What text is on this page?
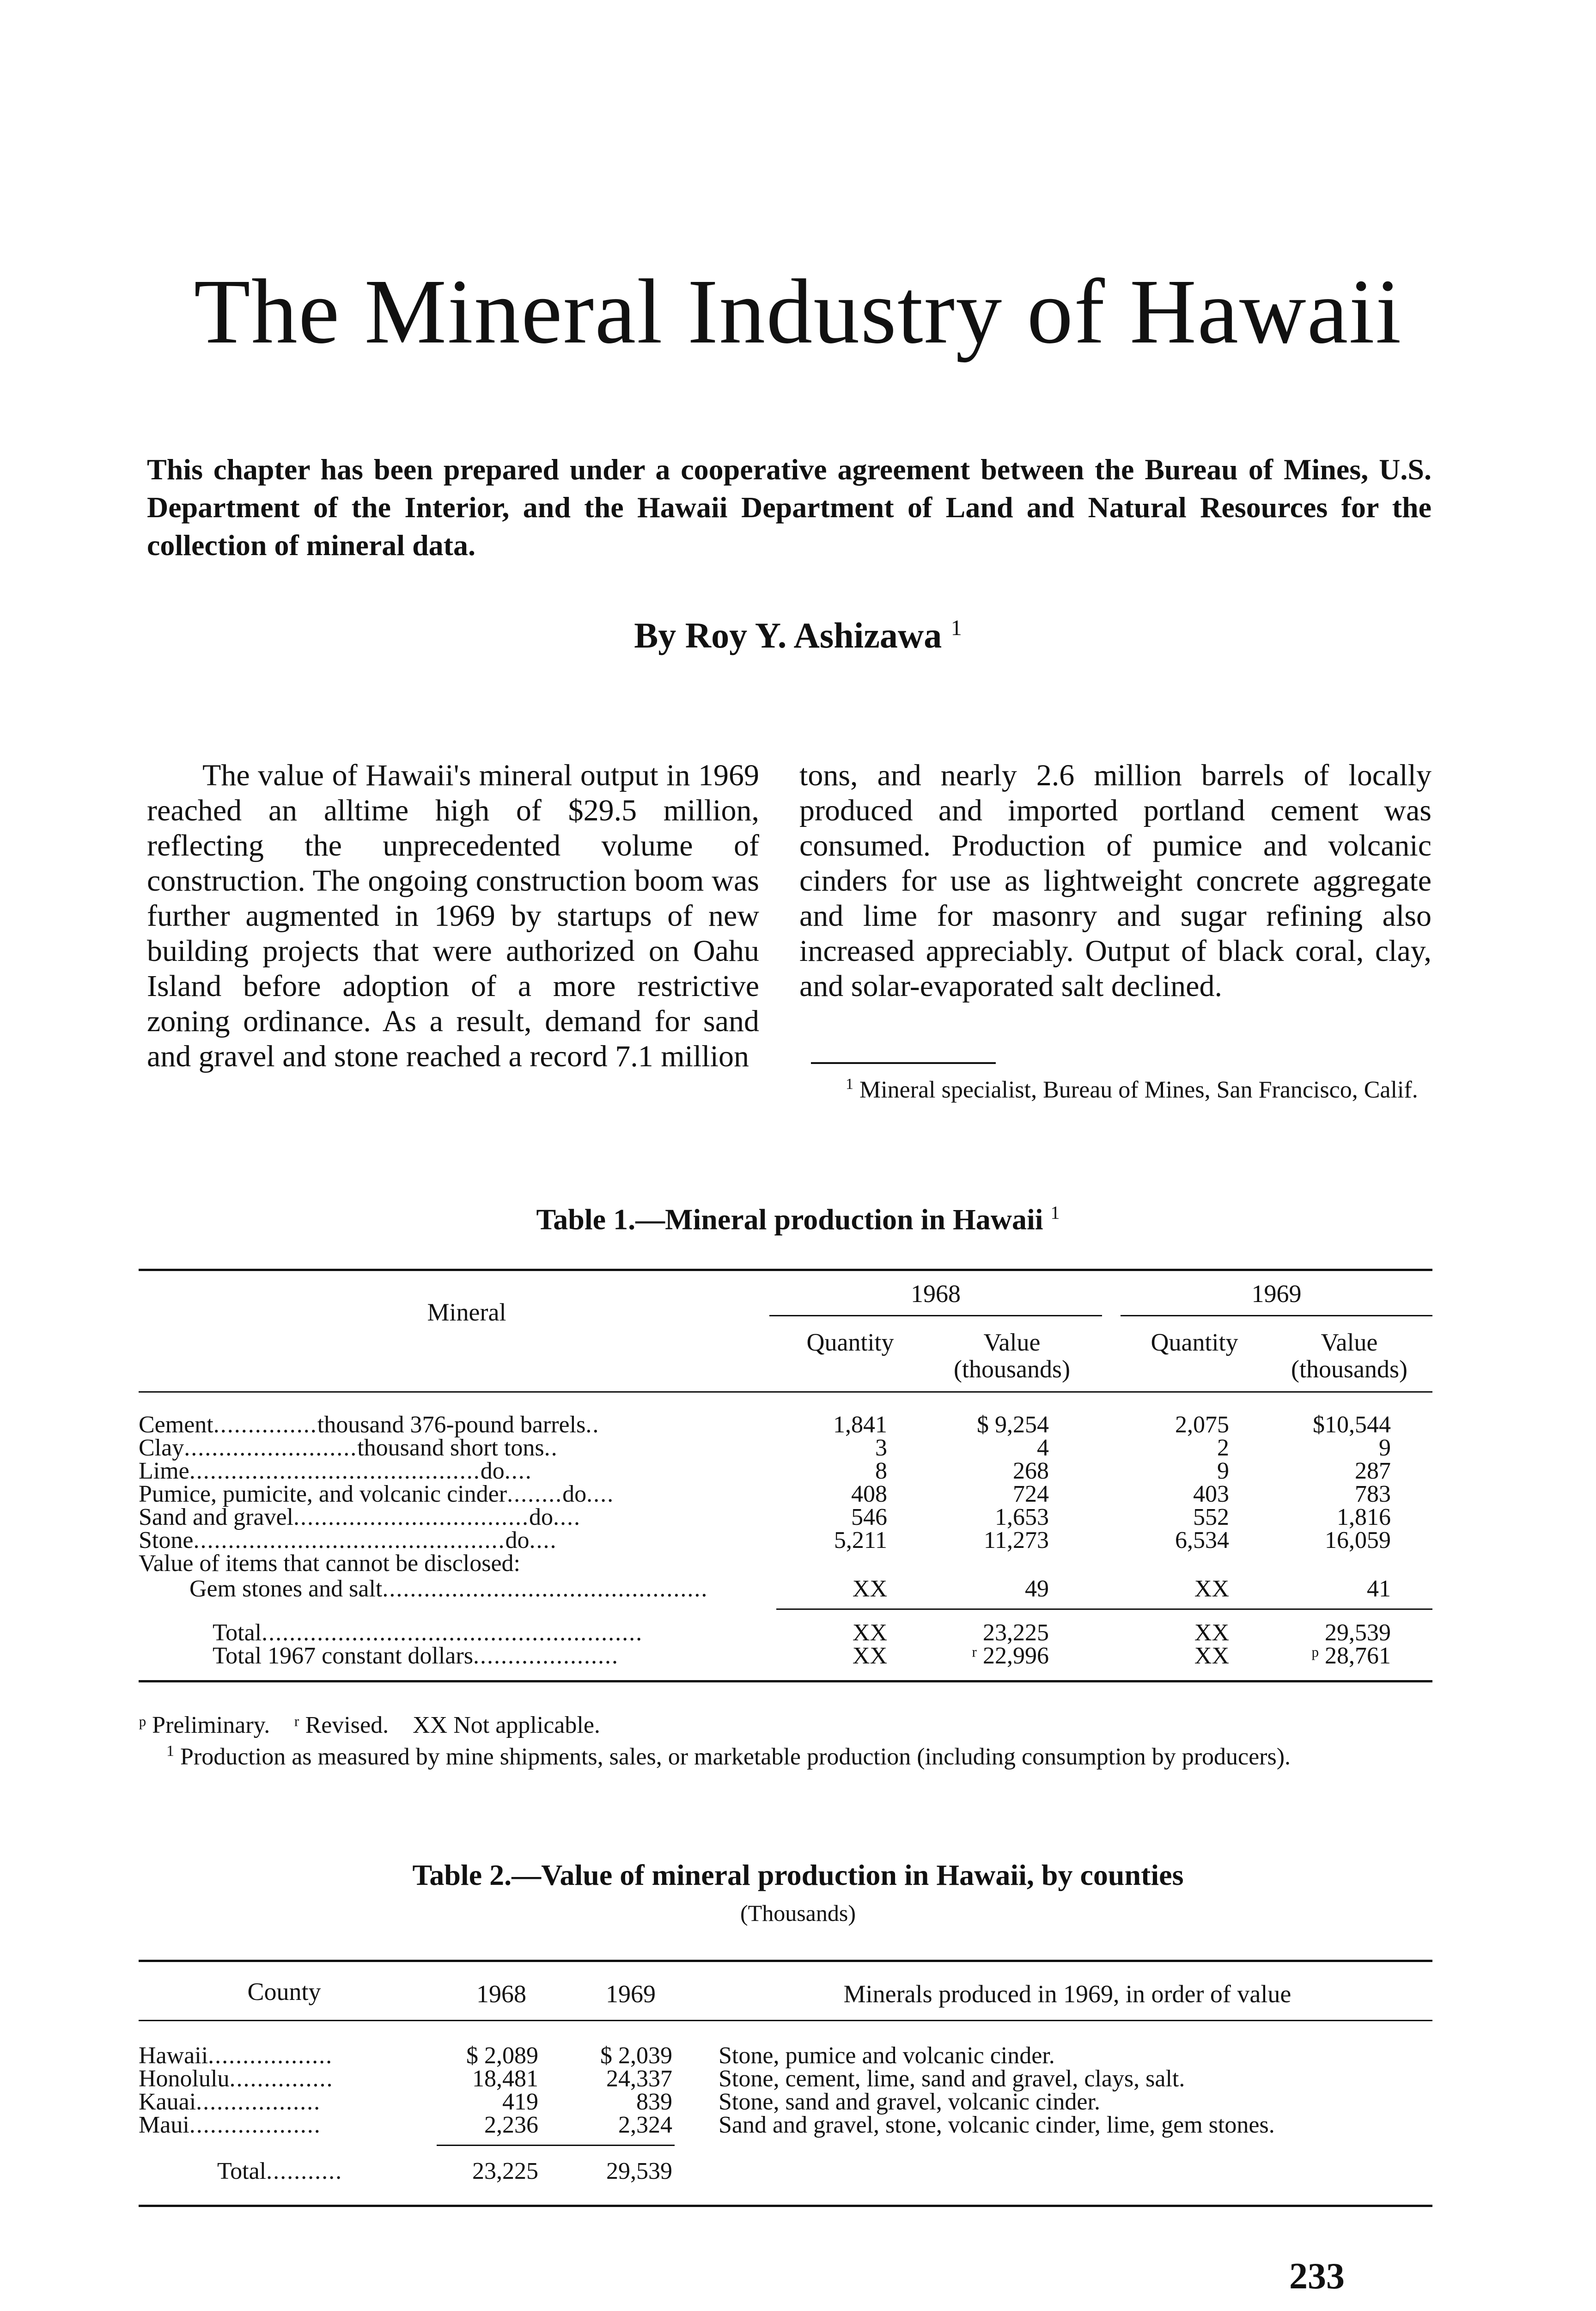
The Mineral Industry of Hawaii

This chapter has been prepared under a cooperative agreement between the Bureau of Mines, U.S. Department of the Interior, and the Hawaii Department of Land and Natural Resources for the collection of mineral data.

By Roy Y. Ashizawa $^1$

The value of Hawaii's mineral output in 1969 reached an alltime high of $29.5 million, reflecting the unprecedented volume of construction. The ongoing construction boom was further augmented in 1969 by startups of new building projects that were authorized on Oahu Island before adoption of a more restrictive zoning ordinance. As a result, demand for sand and gravel and stone reached a record 7.1 million

tons, and nearly 2.6 million barrels of locally produced and imported portland cement was consumed. Production of pumice and volcanic cinders for use as lightweight concrete aggregate and lime for masonry and sugar refining also increased appreciably. Output of black coral, clay, and solar-evaporated salt declined.

$^1$ Mineral specialist, Bureau of Mines, San Francisco, Calif.

Table 1.—Mineral production in Hawaii $^1$

Mineral

1968	1969

Quantity	Value (thousands)

Quantity	Value (thousands)

Cement...............thousand 376-pound barrels..	1,841	$ 9,254	2,075	$10,544
Clay.........................thousand short tons..	3	4	2	9
Lime..........................................do....	8	268	9	287
Pumice, pumicite, and volcanic cinder........do....	408	724	403	783
Sand and gravel..................................do....	546	1,653	552	1,816
Stone.............................................do....	5,211	11,273	6,534	16,059
Value of items that cannot be disclosed:
Gem stones and salt...............................................	XX	49	XX	41
Total.......................................................	XX	23,225	XX	29,539
Total 1967 constant dollars.....................	XX	ʳ 22,996	XX	ᵖ 28,761
ᵖ Preliminary.    ʳ Revised.    XX Not applicable.
$^1$ Production as measured by mine shipments, sales, or marketable production (including consumption by producers).

Table 2.—Value of mineral production in Hawaii, by counties

(Thousands)

County	1968	1969	Minerals produced in 1969, in order of value

Hawaii..................	$ 2,089	$ 2,039 Stone, pumice and volcanic cinder.
Honolulu...............	18,481	24,337 Stone, cement, lime, sand and gravel, clays, salt.
Kauai..................	419	839 Stone, sand and gravel, volcanic cinder.
Maui...................	2,236	2,324 Sand and gravel, stone, volcanic cinder, lime, gem stones.
Total...........	23,225	29,539

233
